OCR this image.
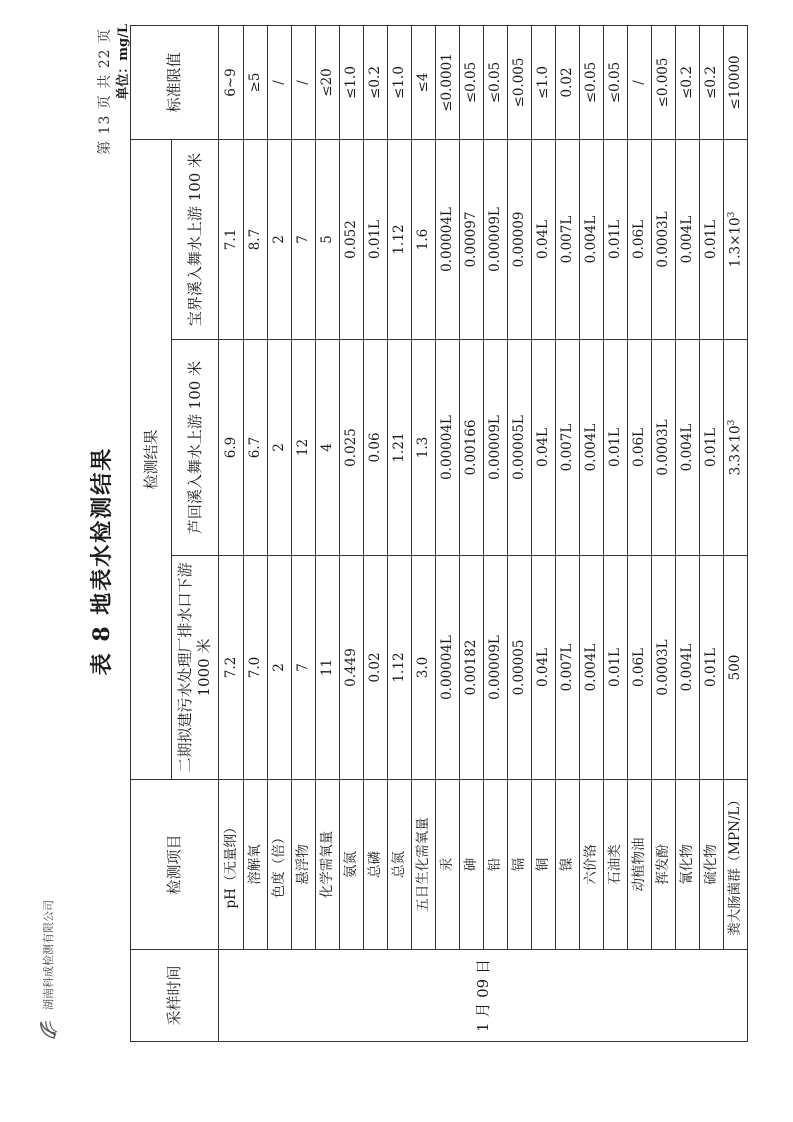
湖南科成检测有限公司
第 13 页 共 22 页
表 8 地表水检测结果
单位：mg/L
采样时间	检测项目	检测结果			标准限值
		二期拟建污水处理厂排水口下游 1000 米	芦回溪入舞水上游 100 米	宝界溪入舞水上游 100 米	
1 月 09 日	pH（无量纲）	7.2	6.9	7.1	6~9
	溶解氧	7.0	6.7	8.7	≥5
	色度（倍）	2	2	2	/
	悬浮物	7	12	7	/
	化学需氧量	11	4	5	≤20
	氨氮	0.449	0.025	0.052	≤1.0
	总磷	0.02	0.06	0.01L	≤0.2
	总氮	1.12	1.21	1.12	≤1.0
	五日生化需氧量	3.0	1.3	1.6	≤4
	汞	0.00004L	0.00004L	0.00004L	≤0.0001
	砷	0.00182	0.00166	0.00097	≤0.05
	铅	0.00009L	0.00009L	0.00009L	≤0.05
	镉	0.00005	0.00005L	0.00009	≤0.005
	铜	0.04L	0.04L	0.04L	≤1.0
	镍	0.007L	0.007L	0.007L	0.02
	六价铬	0.004L	0.004L	0.004L	≤0.05
	石油类	0.01L	0.01L	0.01L	≤0.05
	动植物油	0.06L	0.06L	0.06L	/
	挥发酚	0.0003L	0.0003L	0.0003L	≤0.005
	氰化物	0.004L	0.004L	0.004L	≤0.2
	硫化物	0.01L	0.01L	0.01L	≤0.2
	粪大肠菌群（MPN/L）	500	$3.3\times 10^3$	$1.3\times 10^3$	≤10000
